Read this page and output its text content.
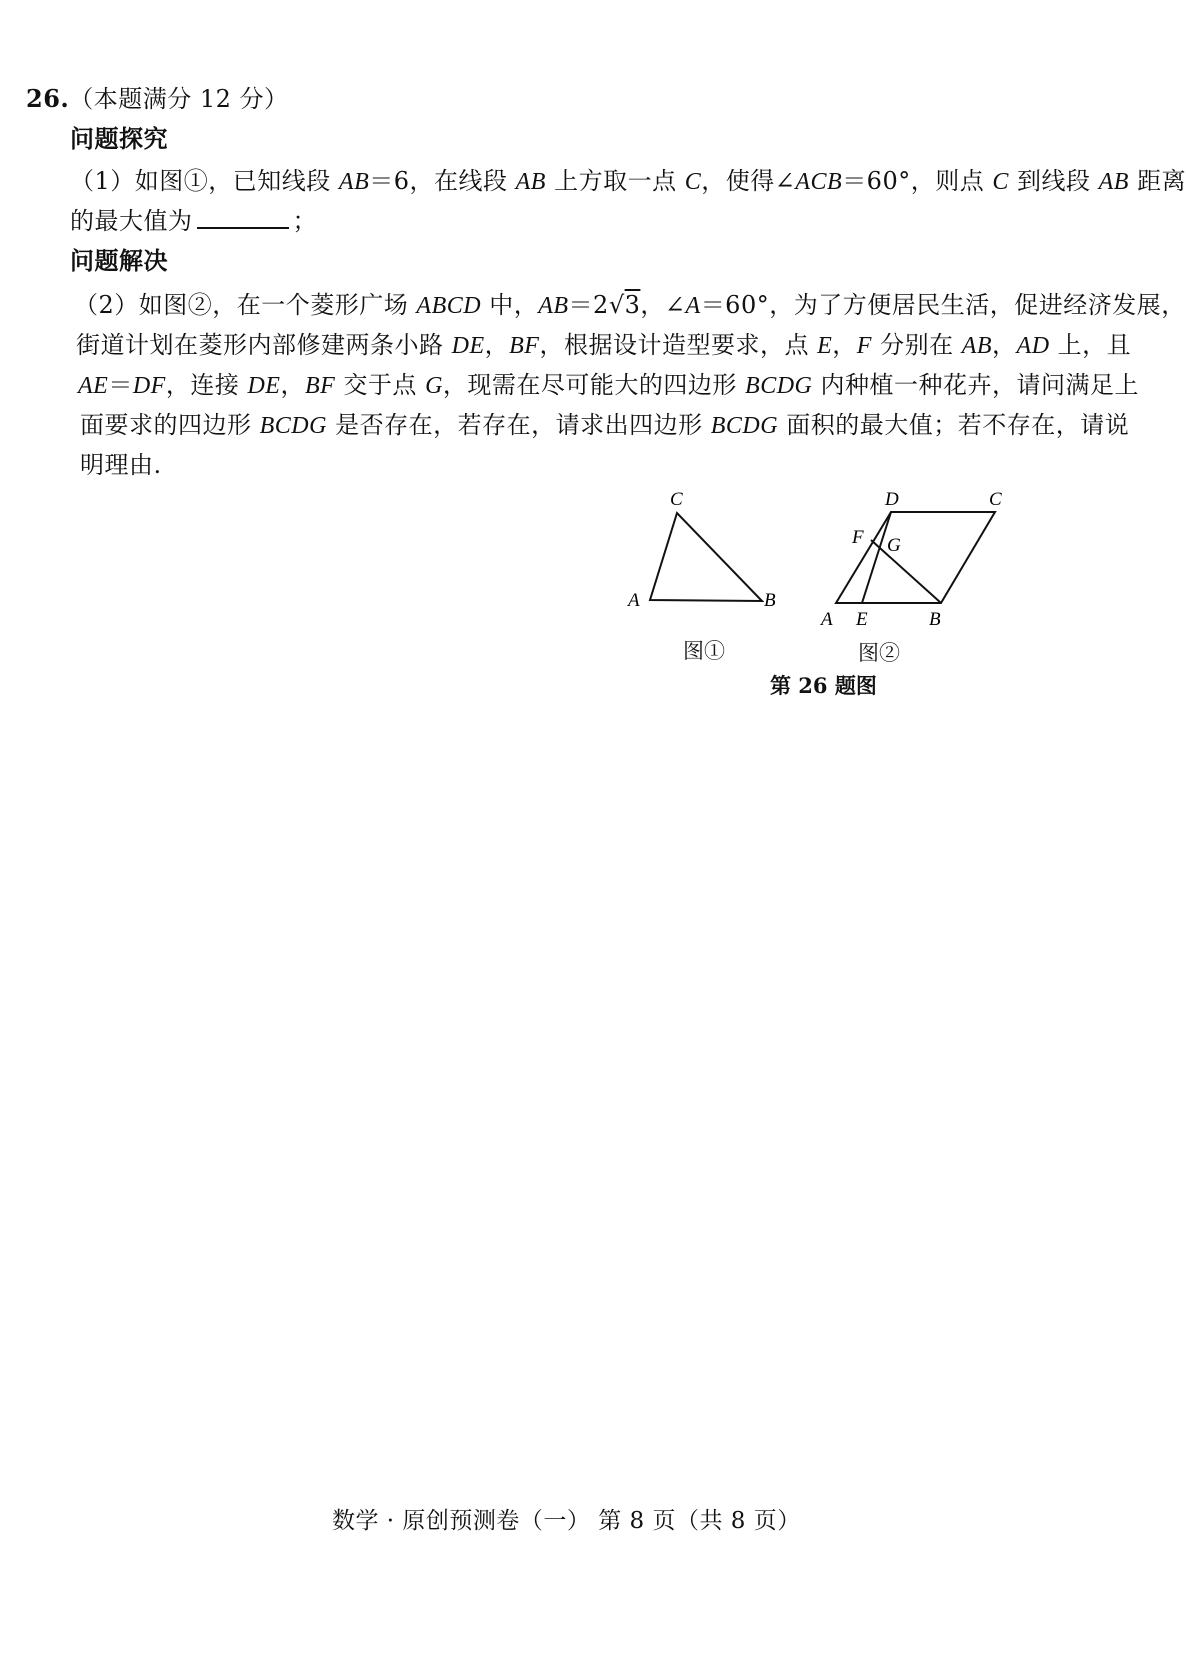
26.（本题满分 12 分）
问题探究
（1）如图①，已知线段 AB＝6，在线段 AB 上方取一点 C，使得∠ACB＝60°，则点 C 到线段 AB 距离
的最大值为	；
问题解决
（2）如图②，在一个菱形广场 ABCD 中，AB＝2√3，∠A＝60°，为了方便居民生活，促进经济发展，
街道计划在菱形内部修建两条小路 DE，BF，根据设计造型要求，点 E，F 分别在 AB，AD 上，且
AE＝DF，连接 DE，BF 交于点 G，现需在尽可能大的四边形 BCDG 内种植一种花卉，请问满足上
面要求的四边形 BCDG 是否存在，若存在，请求出四边形 BCDG 面积的最大值；若不存在，请说
明理由.
C
A	B
图①
D	C
F G
A E	B
图②
第 26 题图
数学 · 原创预测卷（一） 第 8 页（共 8 页）
